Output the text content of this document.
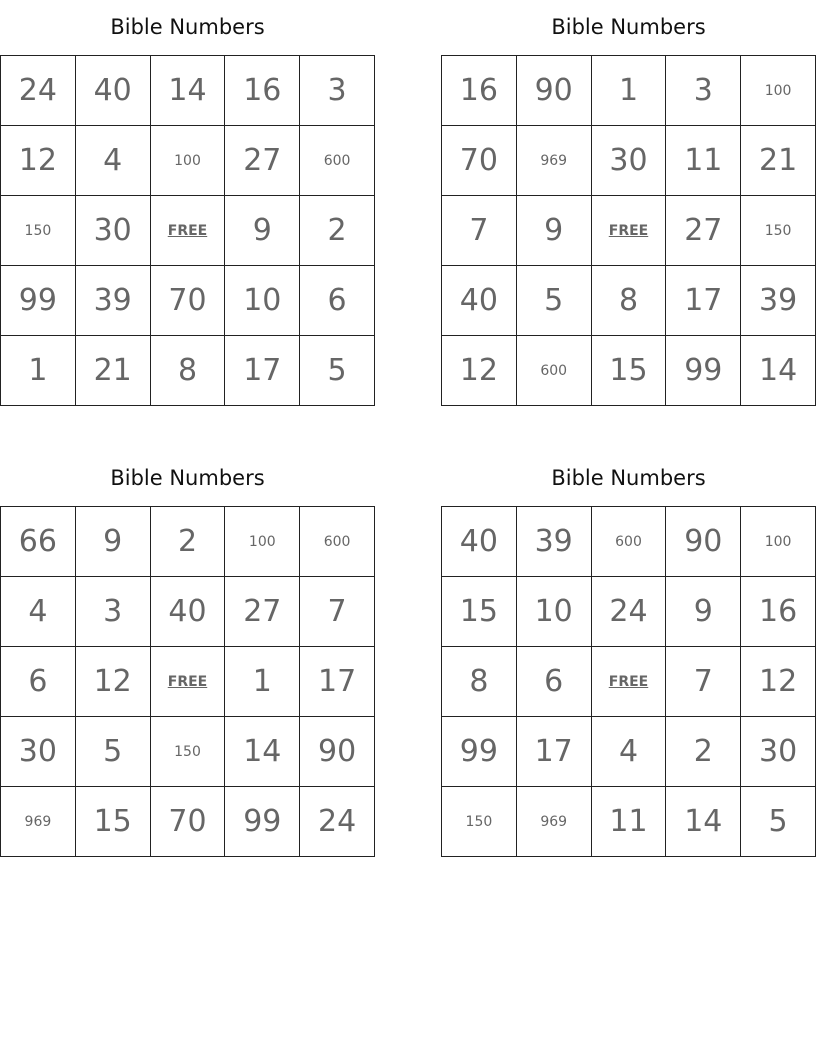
Bible Numbers
24	40	14	16	3
12	4	100	27	600
150	30	FREE	9	2
99	39	70	10	6
1	21	8	17	5
Bible Numbers
16	90	1	3	100
70	969	30	11	21
7	9	FREE	27	150
40	5	8	17	39
12	600	15	99	14
Bible Numbers
66	9	2	100	600
4	3	40	27	7
6	12	FREE	1	17
30	5	150	14	90
969	15	70	99	24
Bible Numbers
40	39	600	90	100
15	10	24	9	16
8	6	FREE	7	12
99	17	4	2	30
150	969	11	14	5
